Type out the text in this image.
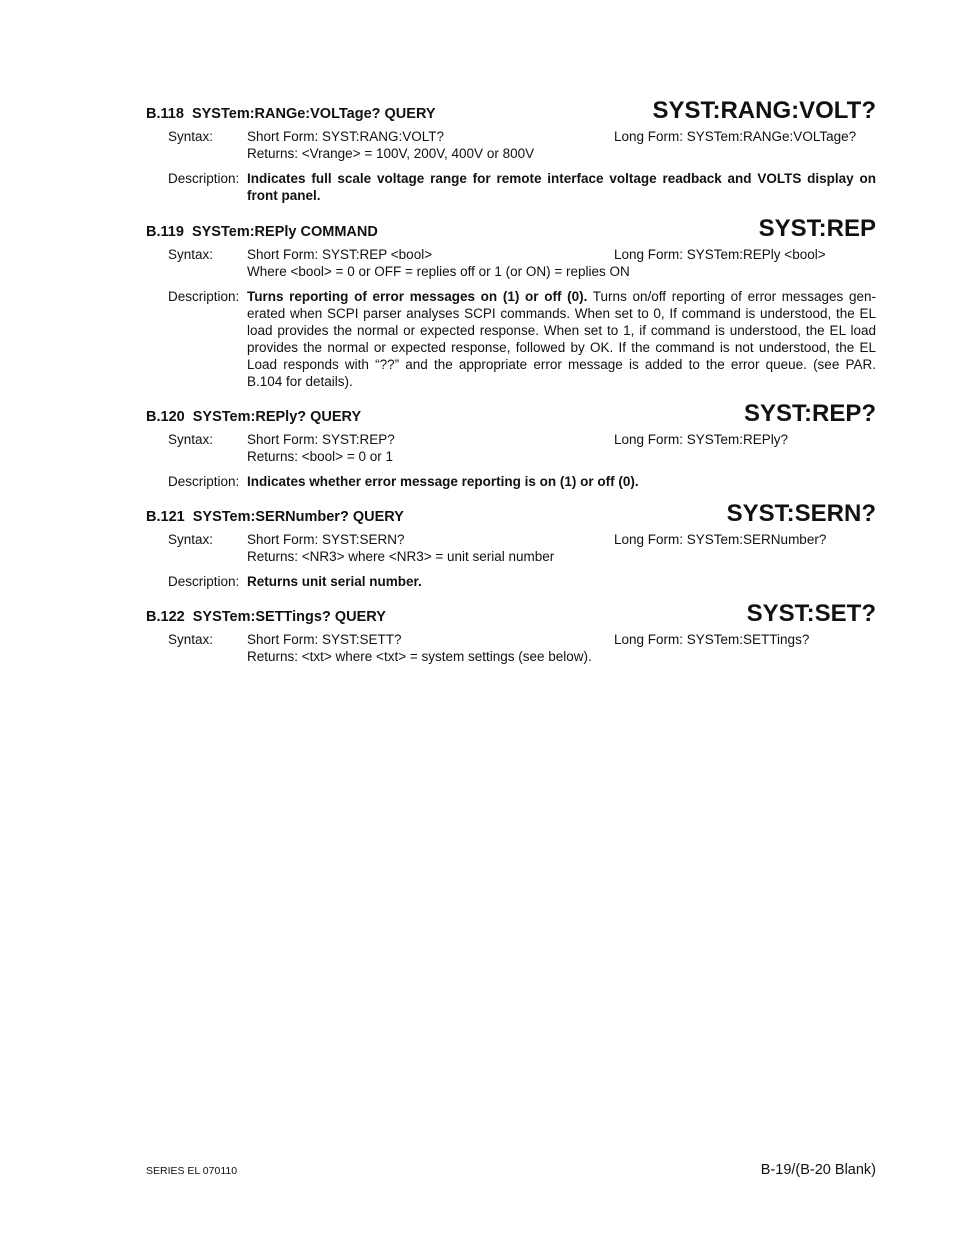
B.118 SYSTem:RANGe:VOLTage? QUERY	SYST:RANG:VOLT?
Syntax:	Short Form: SYST:RANG:VOLT?	Long Form: SYSTem:RANGe:VOLTage?
Returns: <Vrange> = 100V, 200V, 400V or 800V
Description: Indicates full scale voltage range for remote interface voltage readback and VOLTS display on front panel.
B.119 SYSTem:REPly COMMAND	SYST:REP
Syntax:	Short Form: SYST:REP <bool>	Long Form: SYSTem:REPly <bool>
Where <bool> = 0 or OFF = replies off or 1 (or ON) = replies ON
Description: Turns reporting of error messages on (1) or off (0). Turns on/off reporting of error messages gen-erated when SCPI parser analyses SCPI commands. When set to 0, If command is understood, the EL load provides the normal or expected response. When set to 1, if command is understood, the EL load provides the normal or expected response, followed by OK. If the command is not understood, the EL Load responds with “??” and the appropriate error message is added to the error queue. (see PAR. B.104 for details).
B.120 SYSTem:REPly? QUERY	SYST:REP?
Syntax:	Short Form: SYST:REP?	Long Form: SYSTem:REPly?
Returns: <bool> = 0 or 1
Description: Indicates whether error message reporting is on (1) or off (0).
B.121 SYSTem:SERNumber? QUERY	SYST:SERN?
Syntax:	Short Form: SYST:SERN?	Long Form: SYSTem:SERNumber?
Returns: <NR3> where <NR3> = unit serial number
Description: Returns unit serial number.
B.122 SYSTem:SETTings? QUERY	SYST:SET?
Syntax:	Short Form: SYST:SETT?	Long Form: SYSTem:SETTings?
Returns: <txt> where <txt> = system settings (see below).
SERIES EL 070110	B-19/(B-20 Blank)
